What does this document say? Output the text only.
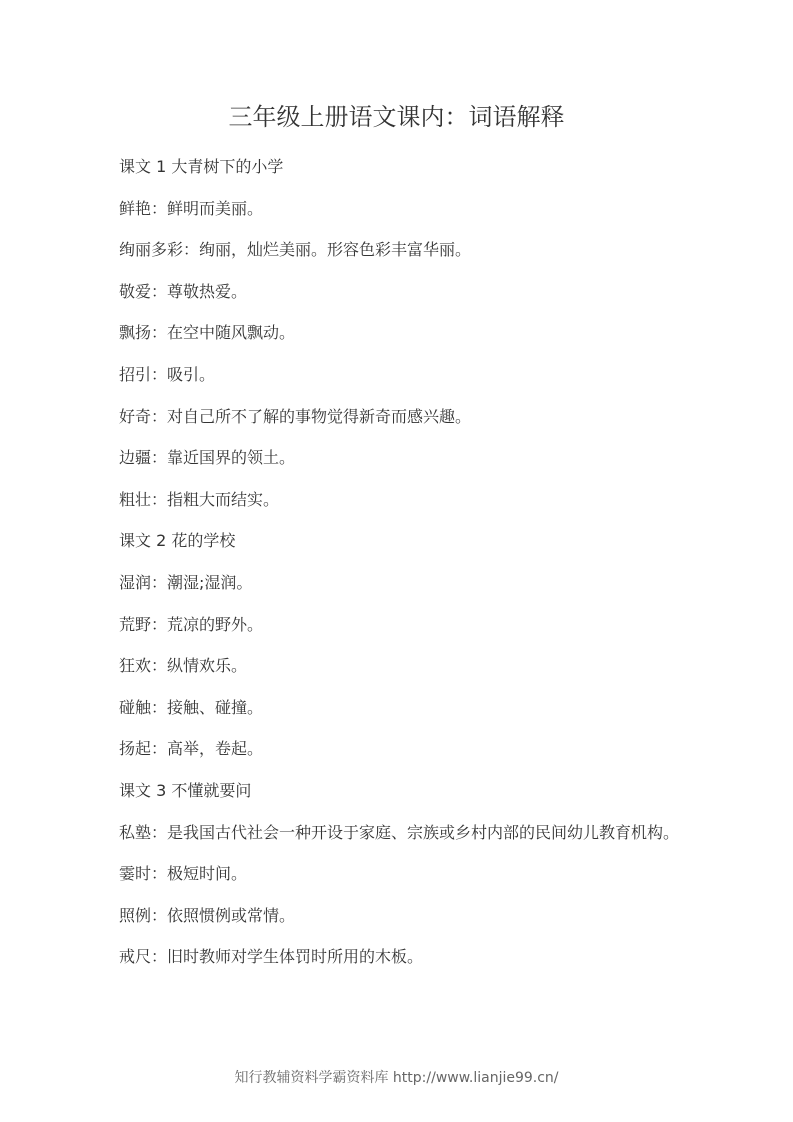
三年级上册语文课内：词语解释
课文 1 大青树下的小学
鲜艳：鲜明而美丽。
绚丽多彩：绚丽，灿烂美丽。形容色彩丰富华丽。
敬爱：尊敬热爱。
飘扬：在空中随风飘动。
招引：吸引。
好奇：对自己所不了解的事物觉得新奇而感兴趣。
边疆：靠近国界的领土。
粗壮：指粗大而结实。
课文 2 花的学校
湿润：潮湿;湿润。
荒野：荒凉的野外。
狂欢：纵情欢乐。
碰触：接触、碰撞。
扬起：高举，卷起。
课文 3 不懂就要问
私塾：是我国古代社会一种开设于家庭、宗族或乡村内部的民间幼儿教育机构。
霎时：极短时间。
照例：依照惯例或常情。
戒尺：旧时教师对学生体罚时所用的木板。
知行教辅资料学霸资料库 http://www.lianjie99.cn/
